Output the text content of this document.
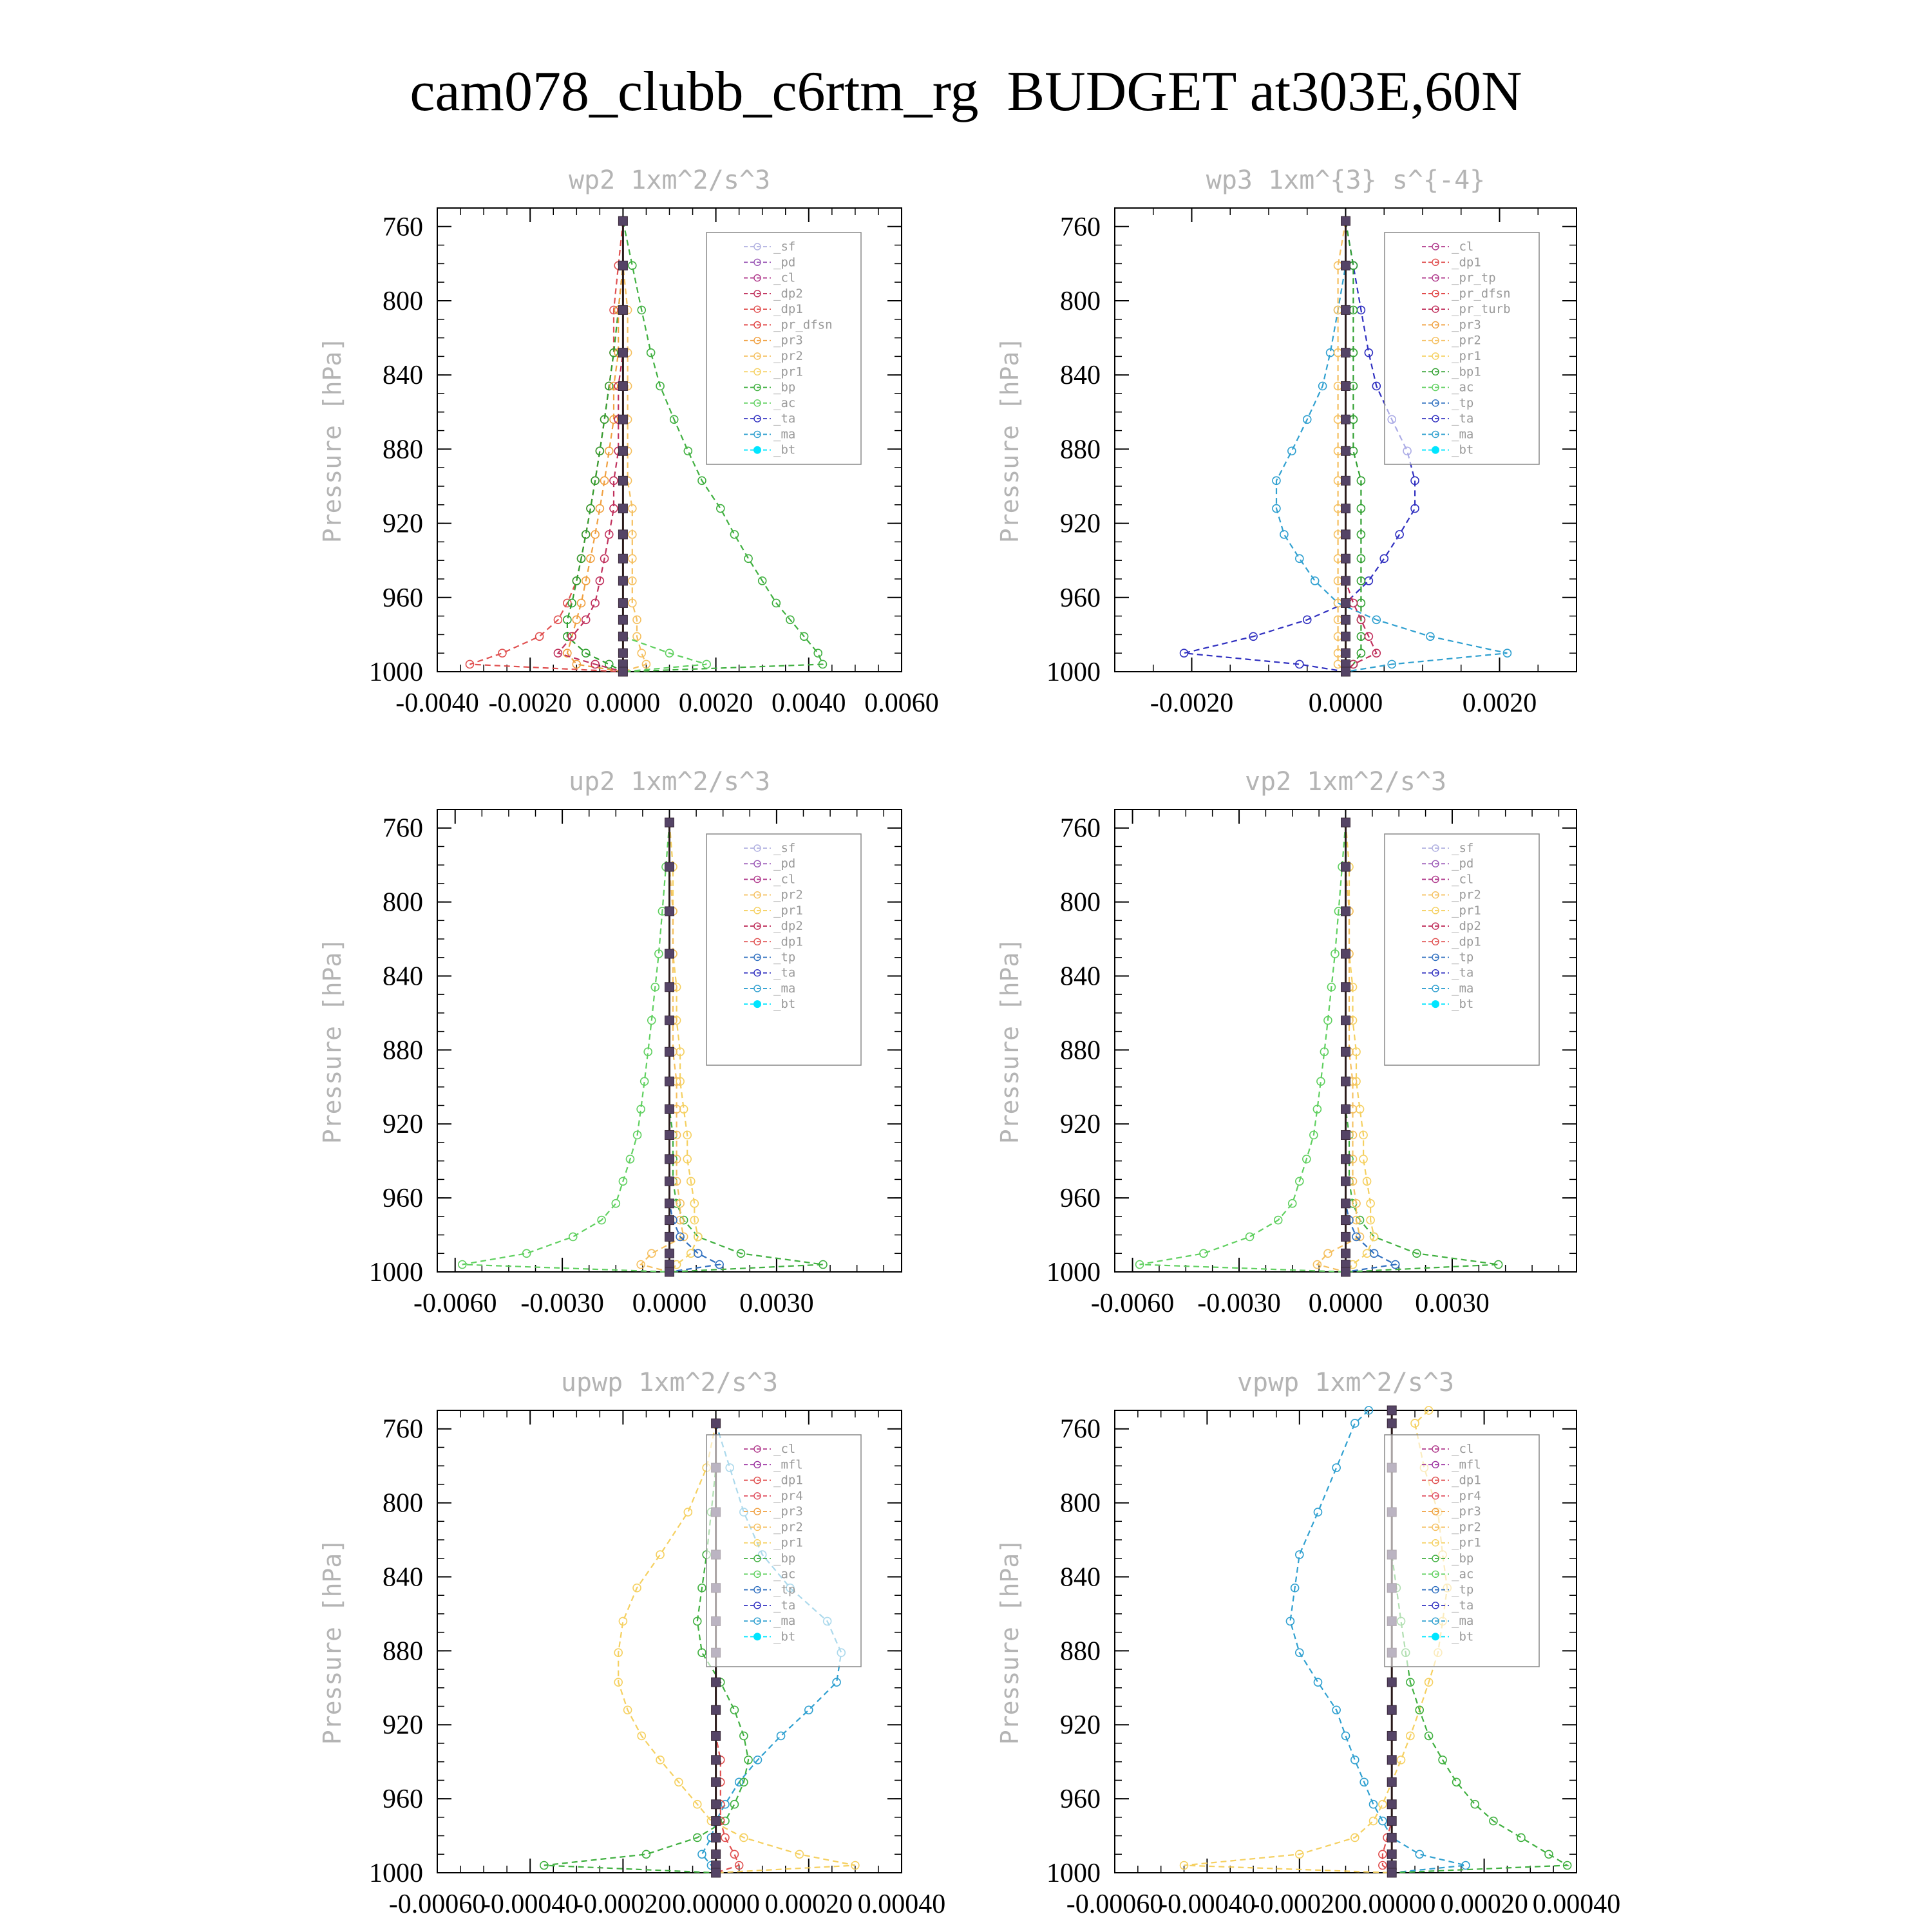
cam078_clubb_c6rtm_rg  BUDGET at303E,60N
wp2 1xm^2/s^3
Pressure [hPa]
760
800
840
880
920
960
1000
-0.0040 -0.0020 0.0000 0.0020 0.0040 0.0060
_sf
_pd
_cl
_dp2
_dp1
_pr_dfsn
_pr3
_pr2
_pr1
_bp
_ac
_ta
_ma
_bt
wp3 1xm^{3} s^{-4}
Pressure [hPa]
760
800
840
880
920
960
1000
-0.0020	0.0000	0.0020
_cl
_dp1
_pr_tp
_pr_dfsn
_pr_turb
_pr3
_pr2
_pr1
_bp1
_ac
_tp
_ta
_ma
_bt
up2 1xm^2/s^3
Pressure [hPa]
760
800
840
880
920
960
1000
-0.0060 -0.0030 0.0000 0.0030
_sf
_pd
_cl
_pr2
_pr1
_dp2
_dp1
_tp
_ta
_ma
_bt
vp2 1xm^2/s^3
Pressure [hPa]
760
800
840
880
920
960
1000
-0.0060 -0.0030 0.0000 0.0030
_sf
_pd
_cl
_pr2
_pr1
_dp2
_dp1
_tp
_ta
_ma
_bt
upwp 1xm^2/s^3
Pressure [hPa]
760
800
840
880
920
960
1000
-0.00060
-0.00040
-0.00020 0.00000 0.00020 0.00040
_cl
_mfl
_dp1
_pr4
_pr3
_pr2
_pr1
_bp
_ac
_tp
_ta
_ma
_bt
vpwp 1xm^2/s^3
Pressure [hPa]
760
800
840
880
920
960
1000
-0.00060
-0.00040
-0.00020 0.00000 0.00020 0.00040
_cl
_mfl
_dp1
_pr4
_pr3
_pr2
_pr1
_bp
_ac
_tp
_ta
_ma
_bt
